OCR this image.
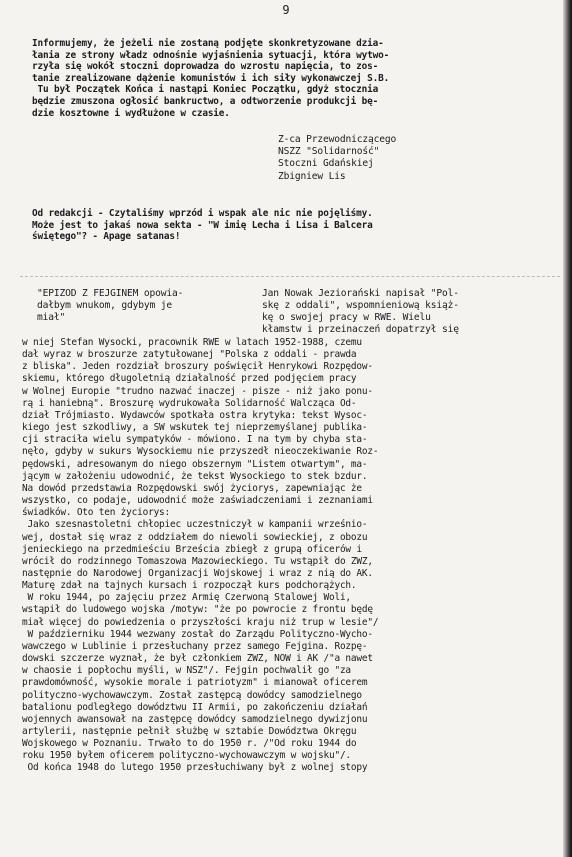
9
Informujemy, że jeżeli nie zostaną podjęte skonkretyzowane dzia-
łania ze strony władz odnośnie wyjaśnienia sytuacji, która wytwo-
rzyła się wokół stoczni doprowadza do wzrostu napięcia, to zos-
tanie zrealizowane dążenie komunistów i ich siły wykonawczej S.B.
Tu był Początek Końca i nastąpi Koniec Początku, gdyż stocznia
będzie zmuszona ogłosić bankructwo, a odtworzenie produkcji bę-
dzie kosztowne i wydłużone w czasie.
Z-ca Przewodniczącego
NSZZ "Solidarność"
Stoczni Gdańskiej
Zbigniew Lis
Od redakcji - Czytaliśmy wprzód i wspak ale nic nie pojęliśmy.
Może jest to jakaś nowa sekta - "W imię Lecha i Lisa i Balcera
świętego"? - Apage satanas!
"EPIZOD Z FEJGINEM opowia-
dałbym wnukom, gdybym je
miał"
Jan Nowak Jeziorański napisał "Pol-
skę z oddali", wspomnieniową książ-
kę o swojej pracy w RWE. Wielu
kłamstw i przeinaczeń dopatrzył się
w niej Stefan Wysocki, pracownik RWE w latach 1952-1988, czemu
dał wyraz w broszurze zatytułowanej "Polska z oddali - prawda
z bliska". Jeden rozdział broszury poświęcił Henrykowi Rozpędow-
skiemu, którego długoletnią działalność przed podjęciem pracy
w Wolnej Europie "trudno nazwać inaczej - pisze - niż jako ponu-
rą i haniebną". Broszurę wydrukowała Solidarność Walcząca Od-
dział Trójmiasto. Wydawców spotkała ostra krytyka: tekst Wysoc-
kiego jest szkodliwy, a SW wskutek tej nieprzemyślanej publika-
cji straciła wielu sympatyków - mówiono. I na tym by chyba sta-
nęło, gdyby w sukurs Wysockiemu nie przyszedł nieoczekiwanie Roz-
pędowski, adresowanym do niego obszernym "Listem otwartym", ma-
jącym w założeniu udowodnić, że tekst Wysockiego to stek bzdur.
Na dowód przedstawia Rozpędowski swój życiorys, zapewniając że
wszystko, co podaje, udowodnić może zaświadczeniami i zeznaniami
świadków. Oto ten życiorys:
Jako szesnastoletni chłopiec uczestniczył w kampanii wrześnio-
wej, dostał się wraz z oddziałem do niewoli sowieckiej, z obozu
jenieckiego na przedmieściu Brześcia zbiegł z grupą oficerów i
wrócił do rodzinnego Tomaszowa Mazowieckiego. Tu wstąpił do ZWZ,
następnie do Narodowej Organizacji Wojskowej i wraz z nią do AK.
Maturę zdał na tajnych kursach i rozpoczął kurs podchorążych.
W roku 1944, po zajęciu przez Armię Czerwoną Stalowej Woli,
wstąpił do ludowego wojska /motyw: "że po powrocie z frontu będę
miał więcej do powiedzenia o przyszłości kraju niż trup w lesie"/
W październiku 1944 wezwany został do Zarządu Polityczno-Wycho-
wawczego w Lublinie i przesłuchany przez samego Fejgina. Rozpę-
dowski szczerze wyznał, że był członkiem ZWZ, NOW i AK /"a nawet
w chaosie i popłochu myśli, w NSZ"/. Fejgin pochwalił go "za
prawdomówność, wysokie morale i patriotyzm" i mianował oficerem
polityczno-wychowawczym. Został zastępcą dowódcy samodzielnego
batalionu podległego dowództwu II Armii, po zakończeniu działań
wojennych awansował na zastępcę dowódcy samodzielnego dywizjonu
artylerii, następnie pełnił służbę w sztabie Dowództwa Okręgu
Wojskowego w Poznaniu. Trwało to do 1950 r. /"Od roku 1944 do
roku 1950 byłem oficerem polityczno-wychowawczym w wojsku"/.
Od końca 1948 do lutego 1950 przesłuchiwany był z wolnej stopy
